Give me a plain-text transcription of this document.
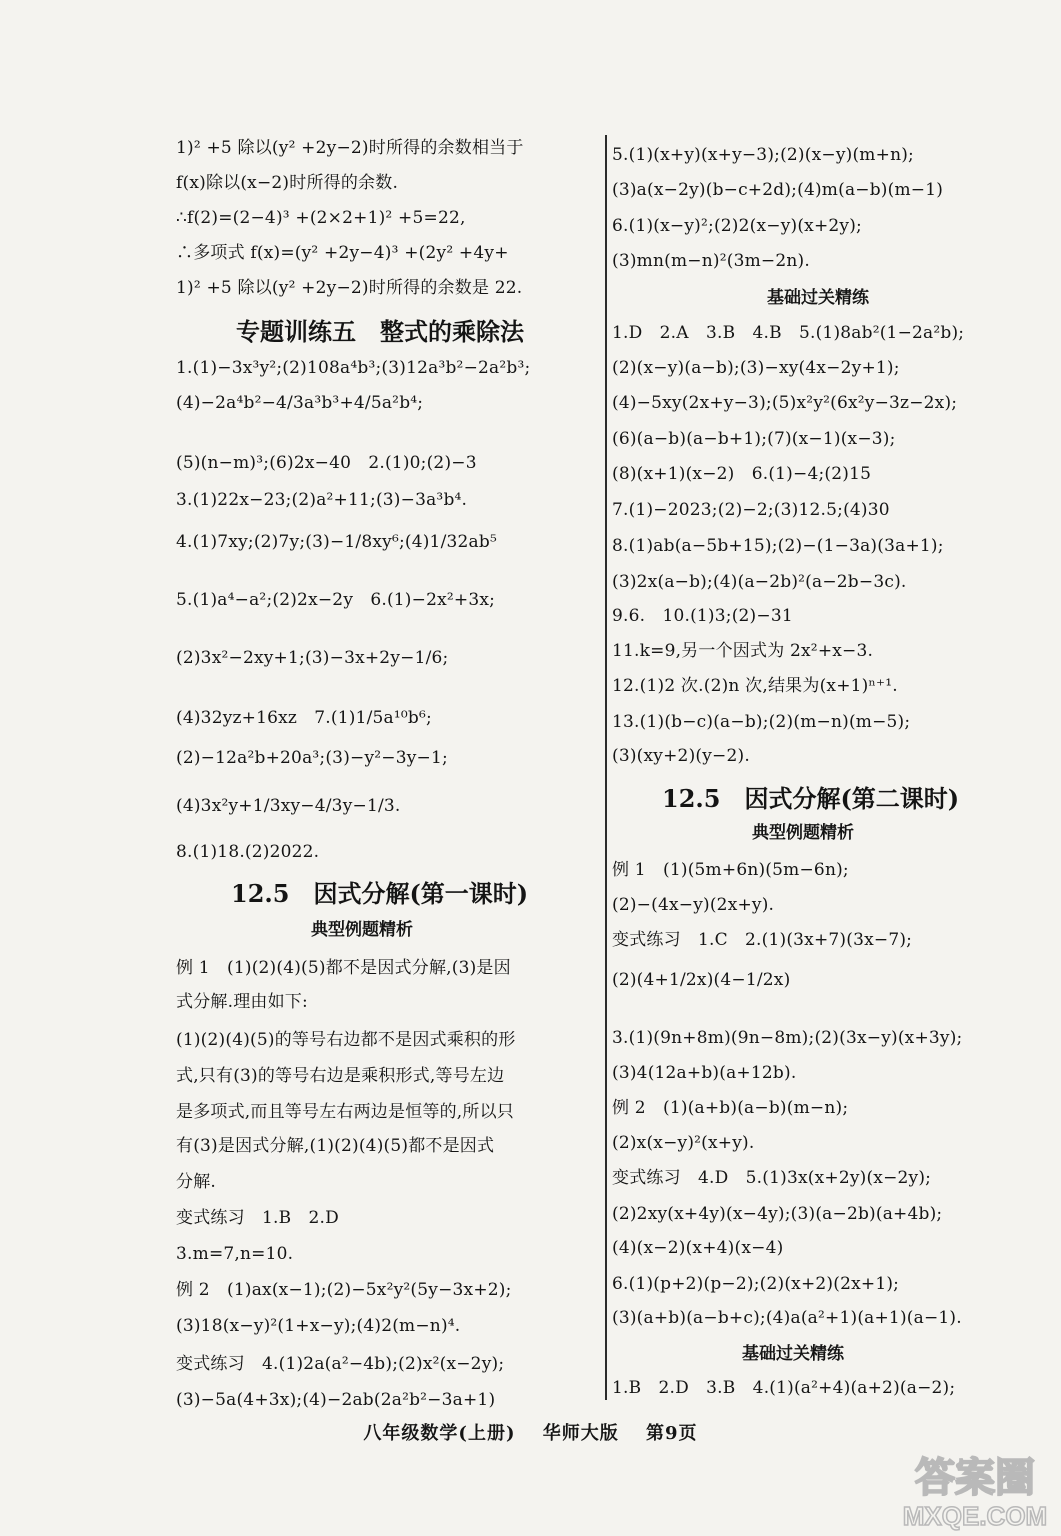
1)² +5 除以(y² +2y−2)时所得的余数相当于
f(x)除以(x−2)时所得的余数.
∴f(2)=(2−4)³ +(2×2+1)² +5=22,
∴多项式 f(x)=(y² +2y−4)³ +(2y² +4y+
1)² +5 除以(y² +2y−2)时所得的余数是 22.
专题训练五　整式的乘除法
1.(1)−3x³y²;(2)108a⁴b³;(3)12a³b²−2a²b³;
(4)−2a⁴b²−4/3a³b³+4/5a²b⁴;
(5)(n−m)³;(6)2x−40　2.(1)0;(2)−3
3.(1)22x−23;(2)a²+11;(3)−3a³b⁴.
4.(1)7xy;(2)7y;(3)−1/8xy⁶;(4)1/32ab⁵
5.(1)a⁴−a²;(2)2x−2y　6.(1)−2x²+3x;
(2)3x²−2xy+1;(3)−3x+2y−1/6;
(4)32yz+16xz　7.(1)1/5a¹⁰b⁶;
(2)−12a²b+20a³;(3)−y²−3y−1;
(4)3x²y+1/3xy−4/3y−1/3.
8.(1)18.(2)2022.
12.5　因式分解(第一课时)
典型例题精析
例 1　(1)(2)(4)(5)都不是因式分解,(3)是因
式分解.理由如下:
(1)(2)(4)(5)的等号右边都不是因式乘积的形
式,只有(3)的等号右边是乘积形式,等号左边
是多项式,而且等号左右两边是恒等的,所以只
有(3)是因式分解,(1)(2)(4)(5)都不是因式
分解.
变式练习　1.B　2.D
3.m=7,n=10.
例 2　(1)ax(x−1);(2)−5x²y²(5y−3x+2);
(3)18(x−y)²(1+x−y);(4)2(m−n)⁴.
变式练习　4.(1)2a(a²−4b);(2)x²(x−2y);
(3)−5a(4+3x);(4)−2ab(2a²b²−3a+1)
5.(1)(x+y)(x+y−3);(2)(x−y)(m+n);
(3)a(x−2y)(b−c+2d);(4)m(a−b)(m−1)
6.(1)(x−y)²;(2)2(x−y)(x+2y);
(3)mn(m−n)²(3m−2n).
基础过关精练
1.D　2.A　3.B　4.B　5.(1)8ab²(1−2a²b);
(2)(x−y)(a−b);(3)−xy(4x−2y+1);
(4)−5xy(2x+y−3);(5)x²y²(6x²y−3z−2x);
(6)(a−b)(a−b+1);(7)(x−1)(x−3);
(8)(x+1)(x−2)　6.(1)−4;(2)15
7.(1)−2023;(2)−2;(3)12.5;(4)30
8.(1)ab(a−5b+15);(2)−(1−3a)(3a+1);
(3)2x(a−b);(4)(a−2b)²(a−2b−3c).
9.6.　10.(1)3;(2)−31
11.k=9,另一个因式为 2x²+x−3.
12.(1)2 次.(2)n 次,结果为(x+1)ⁿ⁺¹.
13.(1)(b−c)(a−b);(2)(m−n)(m−5);
(3)(xy+2)(y−2).
12.5　因式分解(第二课时)
典型例题精析
例 1　(1)(5m+6n)(5m−6n);
(2)−(4x−y)(2x+y).
变式练习　1.C　2.(1)(3x+7)(3x−7);
(2)(4+1/2x)(4−1/2x)
3.(1)(9n+8m)(9n−8m);(2)(3x−y)(x+3y);
(3)4(12a+b)(a+12b).
例 2　(1)(a+b)(a−b)(m−n);
(2)x(x−y)²(x+y).
变式练习　4.D　5.(1)3x(x+2y)(x−2y);
(2)2xy(x+4y)(x−4y);(3)(a−2b)(a+4b);
(4)(x−2)(x+4)(x−4)
6.(1)(p+2)(p−2);(2)(x+2)(2x+1);
(3)(a+b)(a−b+c);(4)a(a²+1)(a+1)(a−1).
基础过关精练
1.B　2.D　3.B　4.(1)(a²+4)(a+2)(a−2);
八年级数学(上册) 华师大版 第9页
答案圈
MXQE.COM
